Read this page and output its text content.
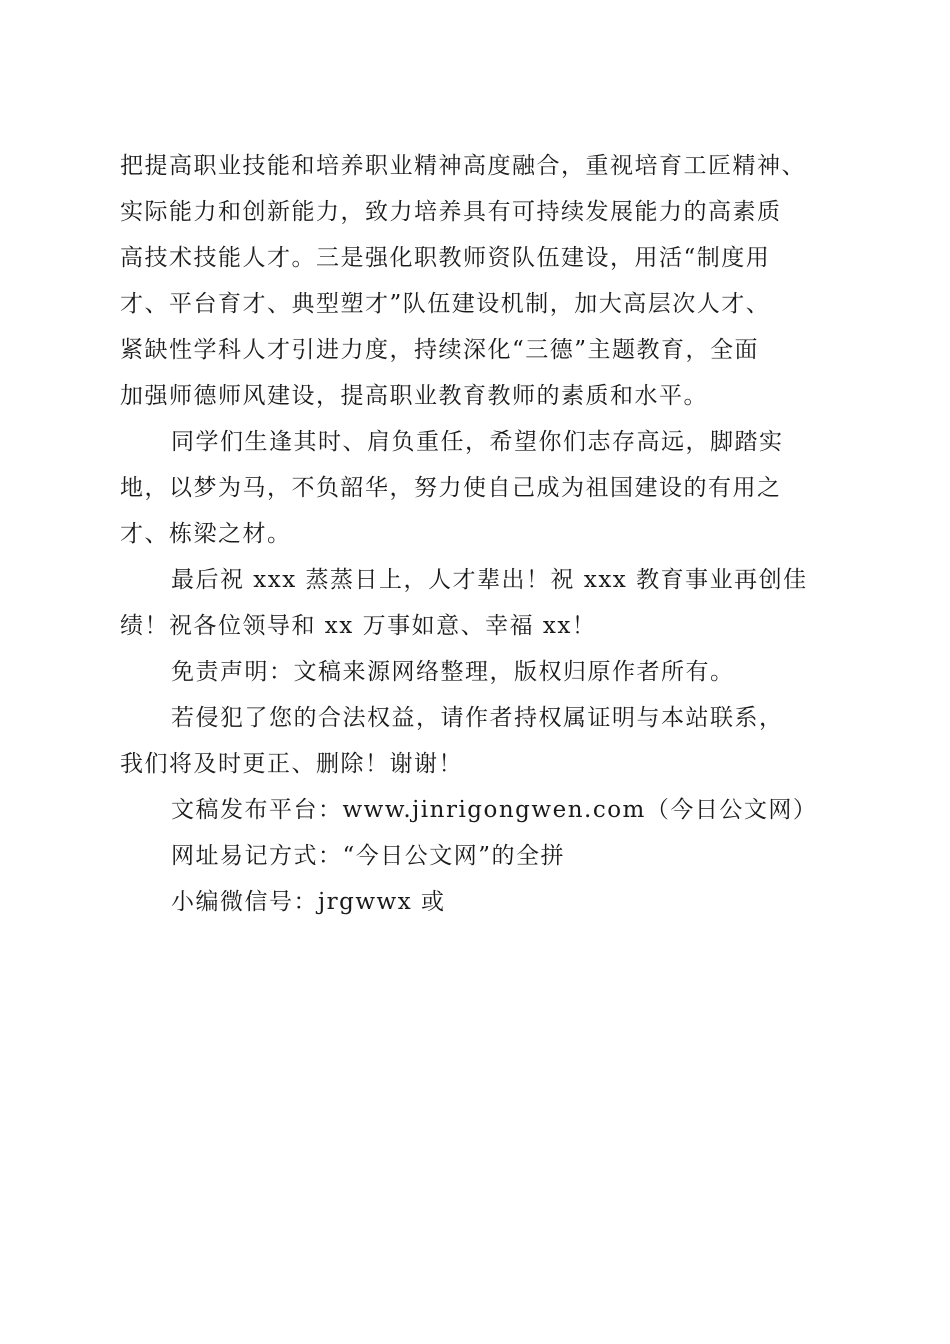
把提高职业技能和培养职业精神高度融合，重视培育工匠精神、
实际能力和创新能力，致力培养具有可持续发展能力的高素质
高技术技能人才。三是强化职教师资队伍建设，用活“制度用
才、平台育才、典型塑才”队伍建设机制，加大高层次人才、
紧缺性学科人才引进力度，持续深化“三德”主题教育，全面
加强师德师风建设，提高职业教育教师的素质和水平。
同学们生逢其时、肩负重任，希望你们志存高远，脚踏实
地，以梦为马，不负韶华，努力使自己成为祖国建设的有用之
才、栋梁之材。
最后祝 xxx 蒸蒸日上，人才辈出！祝 xxx 教育事业再创佳
绩！祝各位领导和 xx 万事如意、幸福 xx！
免责声明：文稿来源网络整理，版权归原作者所有。
若侵犯了您的合法权益，请作者持权属证明与本站联系，
我们将及时更正、删除！谢谢！
文稿发布平台：www.jinrigongwen.com（今日公文网）
网址易记方式：“今日公文网”的全拼
小编微信号：jrgwwx 或
